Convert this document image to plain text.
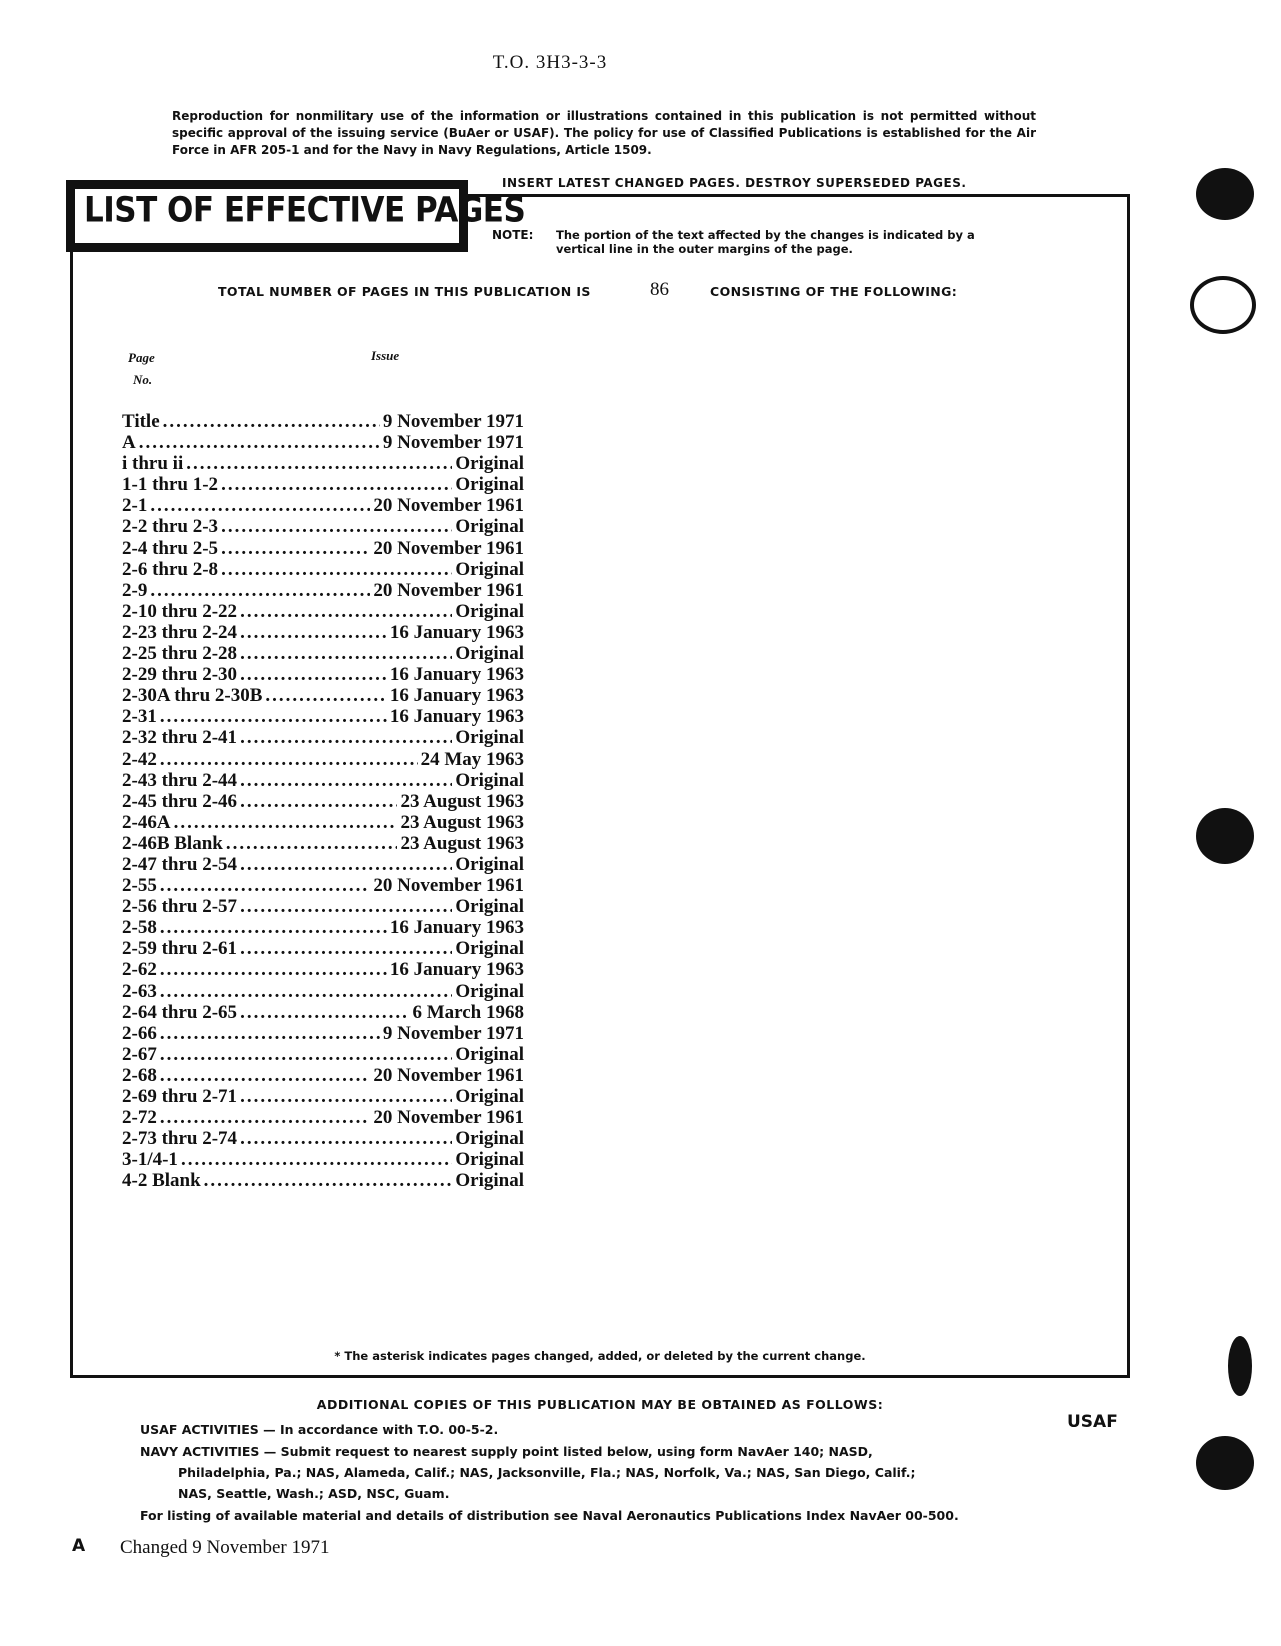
T.O. 3H3-3-3
Reproduction for nonmilitary use of the information or illustrations contained in this publication is not permitted without specific approval of the issuing service (BuAer or USAF). The policy for use of Classified Publications is established for the Air Force in AFR 205-1 and for the Navy in Navy Regulations, Article 1509.
INSERT LATEST CHANGED PAGES. DESTROY SUPERSEDED PAGES.
LIST OF EFFECTIVE PAGES
NOTE: The portion of the text affected by the changes is indicated by a vertical line in the outer margins of the page.
TOTAL NUMBER OF PAGES IN THIS PUBLICATION IS	86	CONSISTING OF THE FOLLOWING:
Page
No.
Issue
Title .....	9 November 1971
A .....	9 November 1971
i thru ii .....	Original
1-1 thru 1-2 .....	Original
2-1 .....	20 November 1961
2-2 thru 2-3 .....	Original
2-4 thru 2-5 .....	20 November 1961
2-6 thru 2-8 .....	Original
2-9 .....	20 November 1961
2-10 thru 2-22 .....	Original
2-23 thru 2-24 .....	16 January 1963
2-25 thru 2-28 .....	Original
2-29 thru 2-30 .....	16 January 1963
2-30A thru 2-30B .....	16 January 1963
2-31 .....	16 January 1963
2-32 thru 2-41 .....	Original
2-42 .....	24 May 1963
2-43 thru 2-44 .....	Original
2-45 thru 2-46 .....	23 August 1963
2-46A .....	23 August 1963
2-46B Blank .....	23 August 1963
2-47 thru 2-54 .....	Original
2-55 .....	20 November 1961
2-56 thru 2-57 .....	Original
2-58 .....	16 January 1963
2-59 thru 2-61 .....	Original
2-62 .....	16 January 1963
2-63 .....	Original
2-64 thru 2-65 .....	6 March 1968
2-66 .....	9 November 1971
2-67 .....	Original
2-68 .....	20 November 1961
2-69 thru 2-71 .....	Original
2-72 .....	20 November 1961
2-73 thru 2-74 .....	Original
3-1/4-1 .....	Original
4-2 Blank .....	Original
* The asterisk indicates pages changed, added, or deleted by the current change.
ADDITIONAL COPIES OF THIS PUBLICATION MAY BE OBTAINED AS FOLLOWS:
USAF ACTIVITIES — In accordance with T.O. 00-5-2.
NAVY ACTIVITIES — Submit request to nearest supply point listed below, using form NavAer 140; NASD,
Philadelphia, Pa.; NAS, Alameda, Calif.; NAS, Jacksonville, Fla.; NAS, Norfolk, Va.; NAS, San Diego, Calif.;
NAS, Seattle, Wash.; ASD, NSC, Guam.
For listing of available material and details of distribution see Naval Aeronautics Publications Index NavAer 00-500.
USAF
A Changed 9 November 1971
